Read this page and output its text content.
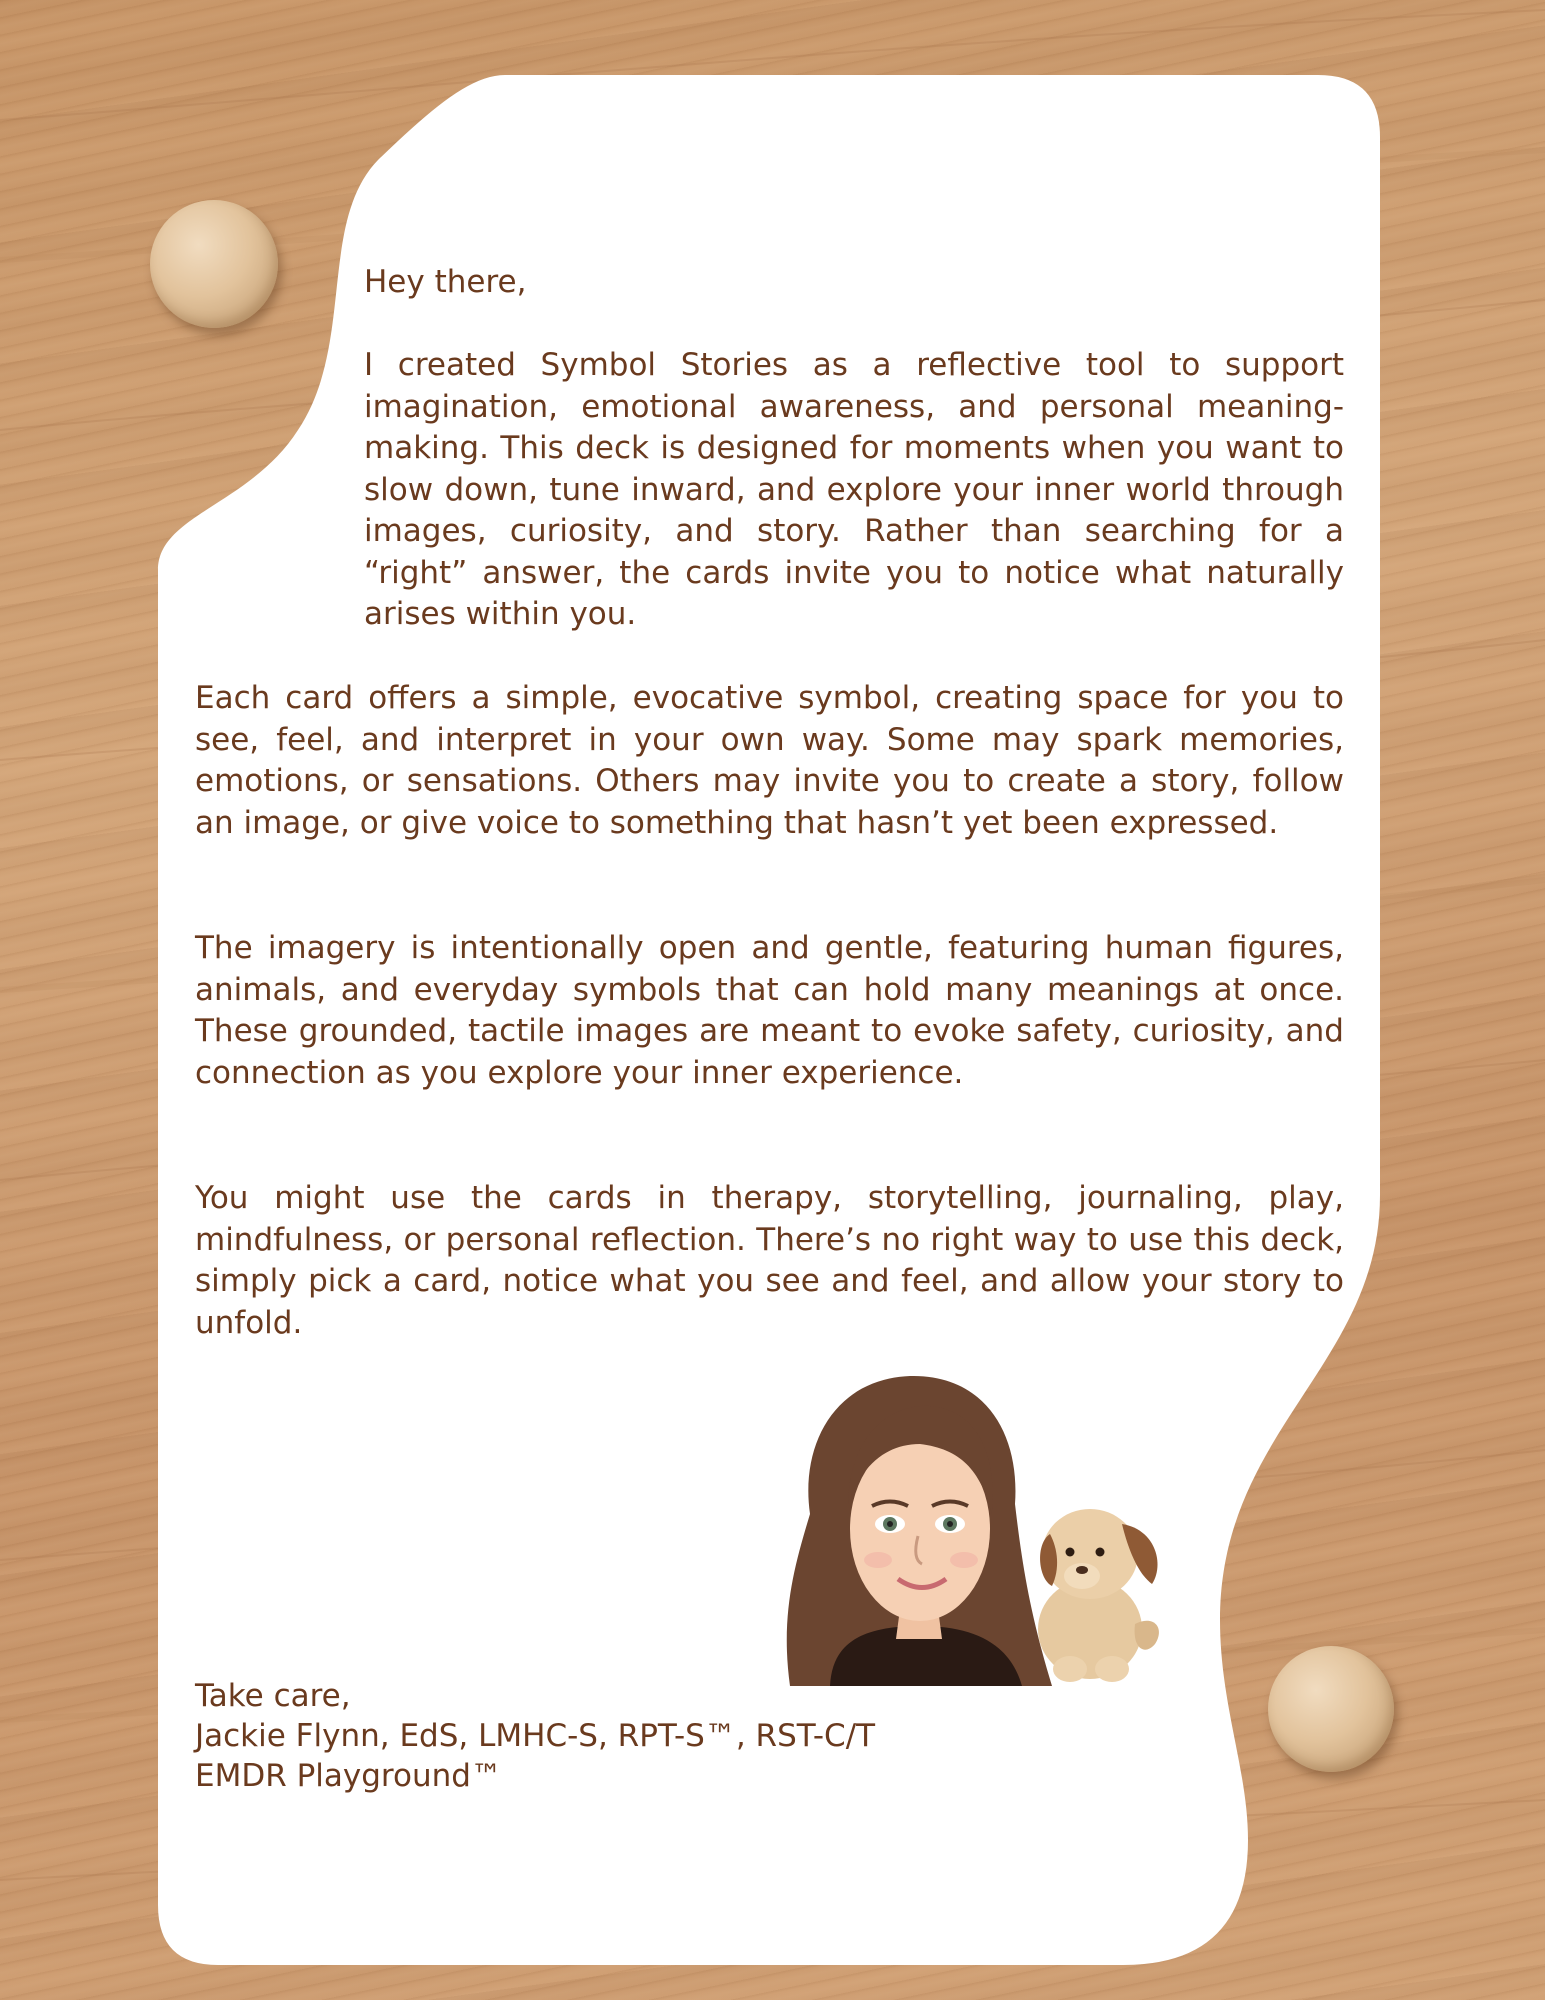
Hey there,

I created Symbol Stories as a reflective tool to support imagination, emotional awareness, and personal meaning-making. This deck is designed for moments when you want to slow down, tune inward, and explore your inner world through images, curiosity, and story. Rather than searching for a “right” answer, the cards invite you to notice what naturally arises within you.

Each card offers a simple, evocative symbol, creating space for you to see, feel, and interpret in your own way. Some may spark memories, emotions, or sensations. Others may invite you to create a story, follow an image, or give voice to something that hasn’t yet been expressed.

The imagery is intentionally open and gentle, featuring human figures, animals, and everyday symbols that can hold many meanings at once. These grounded, tactile images are meant to evoke safety, curiosity, and connection as you explore your inner experience.

You might use the cards in therapy, storytelling, journaling, play, mindfulness, or personal reflection. There’s no right way to use this deck, simply pick a card, notice what you see and feel, and allow your story to unfold.

Take care,
Jackie Flynn, EdS, LMHC-S, RPT-S™, RST-C/T
EMDR Playground™
